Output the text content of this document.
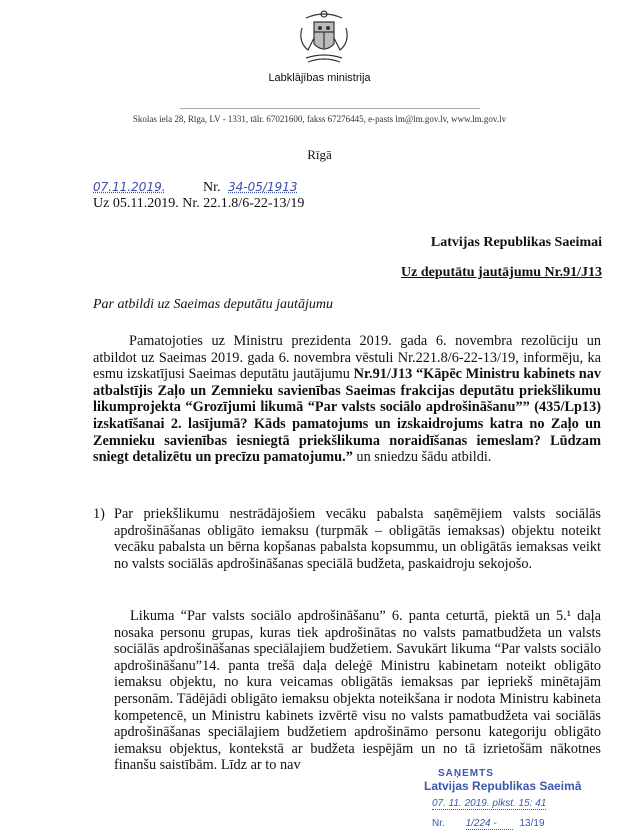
Labklājības ministrija
Skolas iela 28, Rīga, LV - 1331, tālr. 67021600, fakss 67276445, e-pasts lm@lm.gov.lv, www.lm.gov.lv
Rīgā
07.11.2019.	Nr. 34-05/1913
Uz 05.11.2019. Nr. 22.1.8/6-22-13/19
Latvijas Republikas Saeimai
Uz deputātu jautājumu Nr.91/J13
Par atbildi uz Saeimas deputātu jautājumu
Pamatojoties uz Ministru prezidenta 2019. gada 6. novembra rezolūciju un atbildot uz Saeimas 2019. gada 6. novembra vēstuli Nr.221.8/6-22-13/19, informēju, ka esmu izskatījusi Saeimas deputātu jautājumu Nr.91/J13 “Kāpēc Ministru kabinets nav atbalstījis Zaļo un Zemnieku savienības Saeimas frakcijas deputātu priekšlikumu likumprojekta “Grozījumi likumā “Par valsts sociālo apdrošināšanu”” (435/Lp13) izskatīšanai 2. lasījumā? Kāds pamatojums un izskaidrojums katra no Zaļo un Zemnieku savienības iesniegtā priekšlikuma noraidīšanas iemeslam? Lūdzam sniegt detalizētu un precīzu pamatojumu.” un sniedzu šādu atbildi.
1) Par priekšlikumu nestrādājošiem vecāku pabalsta saņēmējiem valsts sociālās apdrošināšanas obligāto iemaksu (turpmāk – obligātās iemaksas) objektu noteikt vecāku pabalsta un bērna kopšanas pabalsta kopsummu, un obligātās iemaksas veikt no valsts sociālās apdrošināšanas speciālā budžeta, paskaidroju sekojošo.
Likuma “Par valsts sociālo apdrošināšanu” 6. panta ceturtā, piektā un 5.¹ daļa nosaka personu grupas, kuras tiek apdrošinātas no valsts pamatbudžeta un valsts sociālās apdrošināšanas speciālajiem budžetiem. Savukārt likuma “Par valsts sociālo apdrošināšanu”14. panta trešā daļa deleģē Ministru kabinetam noteikt obligāto iemaksu objektu, no kura veicamas obligātās iemaksas par iepriekš minētajām personām. Tādējādi obligāto iemaksu objekta noteikšana ir nodota Ministru kabineta kompetencē, un Ministru kabinets izvērtē visu no valsts pamatbudžeta vai sociālās apdrošināšanas speciālajiem budžetiem apdrošināmo personu kategoriju obligāto iemaksu objektus, kontekstā ar budžeta iespējām un no tā izrietošām nākotnes finanšu saistībām. Līdz ar to nav
SAŅEMTS
Latvijas Republikas Saeimā
07. 11. 2019. plkst. 15: 41
Nr. 1/224 - 13/19
